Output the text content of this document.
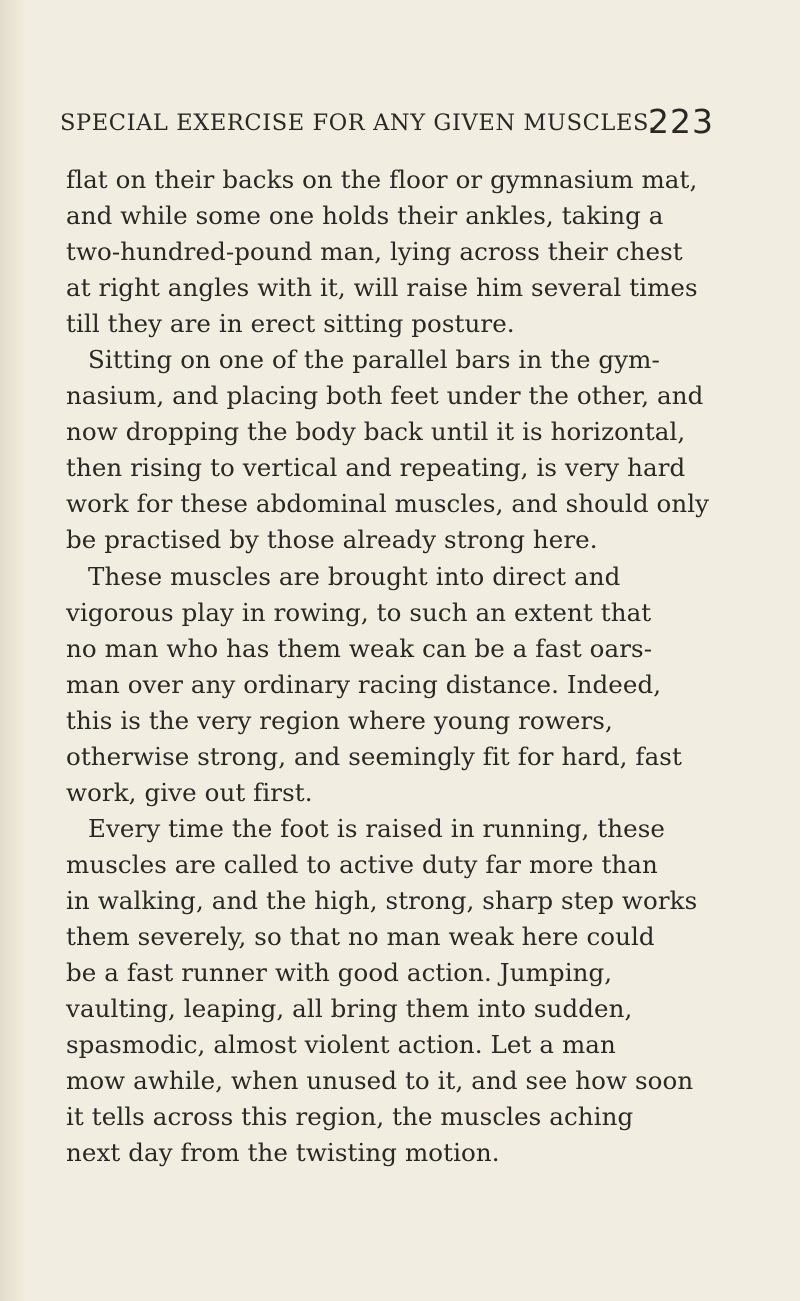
SPECIAL EXERCISE FOR ANY GIVEN MUSCLES.
223
flat on their backs on the floor or gymnasium mat,
and while some one holds their ankles, taking a
two-hundred-pound man, lying across their chest
at right angles with it, will raise him several times
till they are in erect sitting posture.
Sitting on one of the parallel bars in the gym-
nasium, and placing both feet under the other, and
now dropping the body back until it is horizontal,
then rising to vertical and repeating, is very hard
work for these abdominal muscles, and should only
be practised by those already strong here.
These muscles are brought into direct and
vigorous play in rowing, to such an extent that
no man who has them weak can be a fast oars-
man over any ordinary racing distance. Indeed,
this is the very region where young rowers,
otherwise strong, and seemingly fit for hard, fast
work, give out first.
Every time the foot is raised in running, these
muscles are called to active duty far more than
in walking, and the high, strong, sharp step works
them severely, so that no man weak here could
be a fast runner with good action. Jumping,
vaulting, leaping, all bring them into sudden,
spasmodic, almost violent action. Let a man
mow awhile, when unused to it, and see how soon
it tells across this region, the muscles aching
next day from the twisting motion.
